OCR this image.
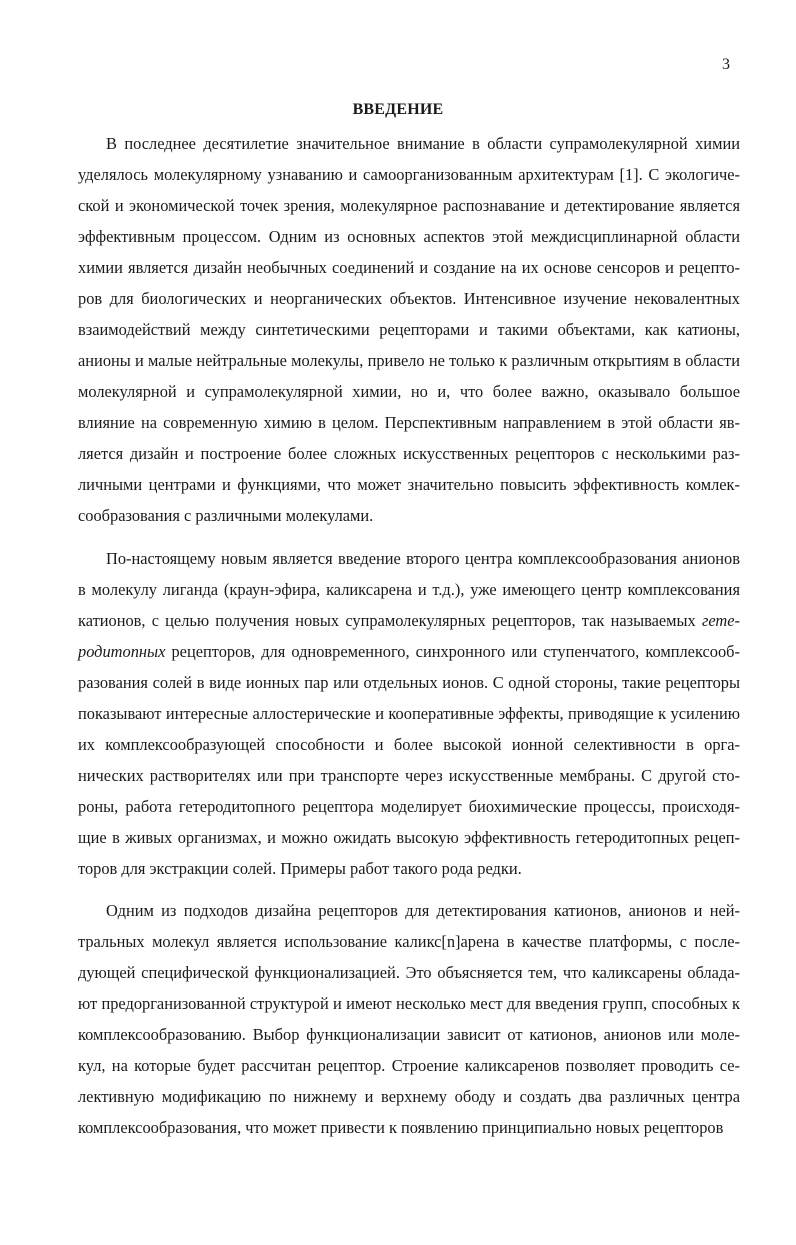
3
ВВЕДЕНИЕ

В последнее десятилетие значительное внимание в области супрамолекулярной химии уделялось молекулярному узнаванию и самоорганизованным архитектурам [1]. С экологической и экономической точек зрения, молекулярное распознавание и детектирование является эффективным процессом. Одним из основных аспектов этой междисциплинарной области химии является дизайн необычных соединений и создание на их основе сенсоров и рецепторов для биологических и неорганических объектов. Интенсивное изучение нековалентных взаимодействий между синтетическими рецепторами и такими объектами, как катионы, анионы и малые нейтральные молекулы, привело не только к различным открытиям в области молекулярной и супрамолекулярной химии, но и, что более важно, оказывало большое влияние на современную химию в целом. Перспективным направлением в этой области является дизайн и построение более сложных искусственных рецепторов с несколькими различными центрами и функциями, что может значительно повысить эффективность комлексообразования с различными молекулами.

По-настоящему новым является введение второго центра комплексообразования анионов в молекулу лиганда (краун-эфира, каликсарена и т.д.), уже имеющего центр комплексования катионов, с целью получения новых супрамолекулярных рецепторов, так называемых гетеродитопных рецепторов, для одновременного, синхронного или ступенчатого, комплексообразования солей в виде ионных пар или отдельных ионов. С одной стороны, такие рецепторы показывают интересные аллостерические и кооперативные эффекты, приводящие к усилению их комплексообразующей способности и более высокой ионной селективности в органических растворителях или при транспорте через искусственные мембраны. С другой стороны, работа гетеродитопного рецептора моделирует биохимические процессы, происходящие в живых организмах, и можно ожидать высокую эффективность гетеродитопных рецепторов для экстракции солей. Примеры работ такого рода редки.

Одним из подходов дизайна рецепторов для детектирования катионов, анионов и нейтральных молекул является использование каликс[n]арена в качестве платформы, с последующей специфической функционализацией. Это объясняется тем, что каликсарены обладают предорганизованной структурой и имеют несколько мест для введения групп, способных к комплексообразованию. Выбор функционализации зависит от катионов, анионов или молекул, на которые будет рассчитан рецептор. Строение каликсаренов позволяет проводить селективную модификацию по нижнему и верхнему ободу и создать два различных центра комплексообразования, что может привести к появлению принципиально новых рецепторов
